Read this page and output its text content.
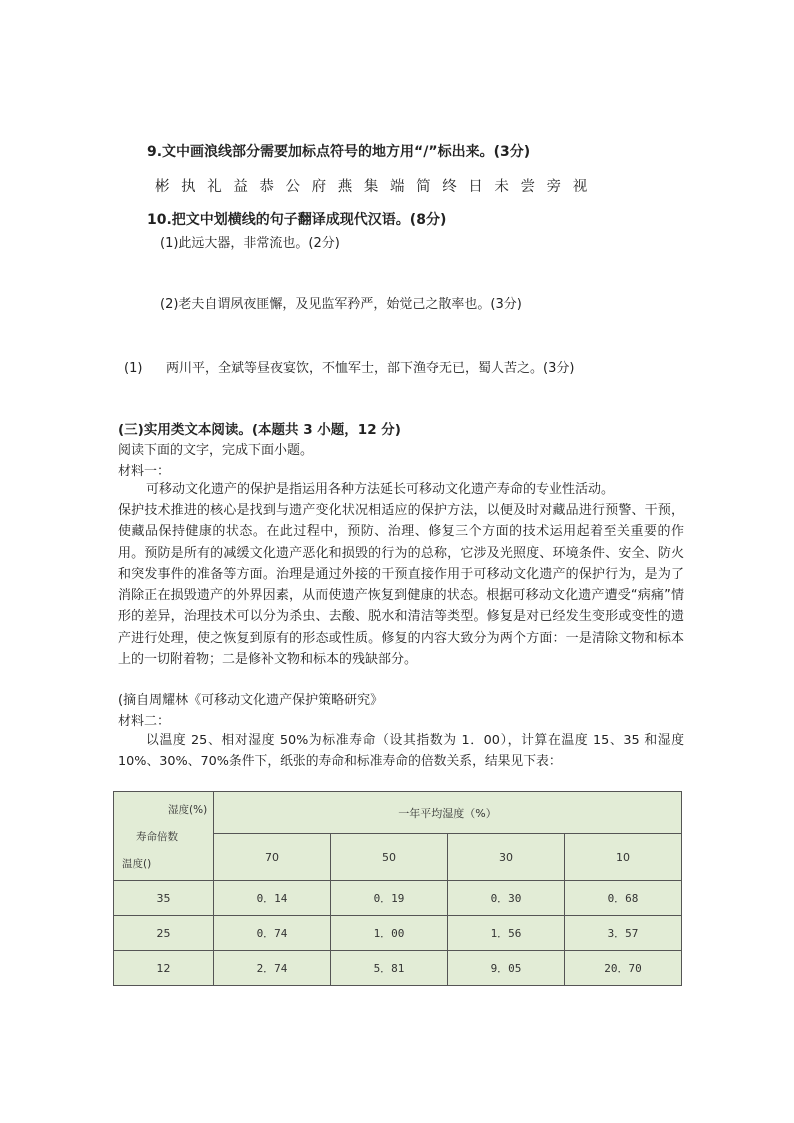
9.文中画浪线部分需要加标点符号的地方用“/”标出来。(3分)

彬 执 礼 益 恭 公 府 燕 集 端 简 终 日 未 尝 旁 视

10.把文中划横线的句子翻译成现代汉语。(8分)

(1)此远大器，非常流也。(2分)

(2)老夫自谓夙夜匪懈，及见监军矜严，始觉己之散率也。(3分)

(1) 两川平，全斌等昼夜宴饮，不恤军士，部下渔夺无已，蜀人苦之。(3分)

(三)实用类文本阅读。(本题共 3 小题，12 分)

阅读下面的文字，完成下面小题。

材料一：

可移动文化遗产的保护是指运用各种方法延长可移动文化遗产寿命的专业性活动。

保护技术推进的核心是找到与遗产变化状况相适应的保护方法，以便及时对藏品进行预警、干预，使藏品保持健康的状态。在此过程中，预防、治理、修复三个方面的技术运用起着至关重要的作用。预防是所有的减缓文化遗产恶化和损毁的行为的总称，它涉及光照度、环境条件、安全、防火和突发事件的准备等方面。治理是通过外接的干预直接作用于可移动文化遗产的保护行为，是为了消除正在损毁遗产的外界因素，从而使遗产恢复到健康的状态。根据可移动文化遗产遭受“病痛”情形的差异，治理技术可以分为杀虫、去酸、脱水和清洁等类型。修复是对已经发生变形或变性的遗产进行处理，使之恢复到原有的形态或性质。修复的内容大致分为两个方面：一是清除文物和标本上的一切附着物；二是修补文物和标本的残缺部分。

(摘自周耀林《可移动文化遗产保护策略研究》

材料二：

以温度 25、相对湿度 50%为标准寿命（设其指数为 1．00），计算在温度 15、35 和湿度 10%、30%、70%条件下，纸张的寿命和标准寿命的倍数关系，结果见下表：

湿度(%)
寿命倍数
温度()	一年平均湿度（%）			
	70	50	30	10
35	0．14	0．19	0．30	0．68
25	0．74	1．00	1．56	3．57
12	2．74	5．81	9．05	20．70
